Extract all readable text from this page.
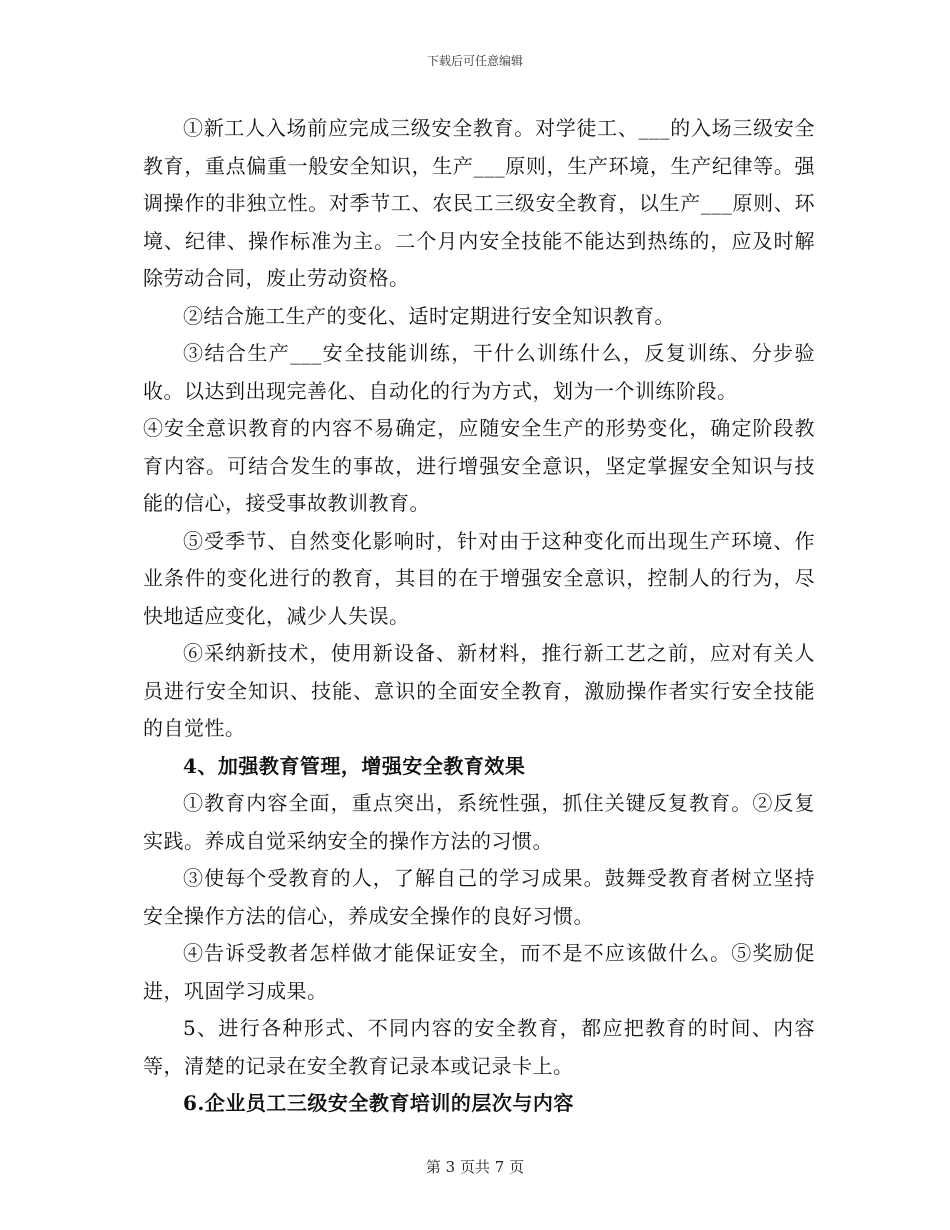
下载后可任意编辑

①新工人入场前应完成三级安全教育。对学徒工、___的入场三级安全教育，重点偏重一般安全知识，生产___原则，生产环境，生产纪律等。强调操作的非独立性。对季节工、农民工三级安全教育，以生产___原则、环境、纪律、操作标准为主。二个月内安全技能不能达到热练的，应及时解除劳动合同，废止劳动资格。

②结合施工生产的变化、适时定期进行安全知识教育。

③结合生产___安全技能训练，干什么训练什么，反复训练、分步验收。以达到出现完善化、自动化的行为方式，划为一个训练阶段。

④安全意识教育的内容不易确定，应随安全生产的形势变化，确定阶段教育内容。可结合发生的事故，进行增强安全意识，坚定掌握安全知识与技能的信心，接受事故教训教育。

⑤受季节、自然变化影响时，针对由于这种变化而出现生产环境、作业条件的变化进行的教育，其目的在于增强安全意识，控制人的行为，尽快地适应变化，减少人失误。

⑥采纳新技术，使用新设备、新材料，推行新工艺之前，应对有关人员进行安全知识、技能、意识的全面安全教育，激励操作者实行安全技能的自觉性。

4、加强教育管理，增强安全教育效果

①教育内容全面，重点突出，系统性强，抓住关键反复教育。②反复实践。养成自觉采纳安全的操作方法的习惯。

③使每个受教育的人，了解自己的学习成果。鼓舞受教育者树立坚持安全操作方法的信心，养成安全操作的良好习惯。

④告诉受教者怎样做才能保证安全，而不是不应该做什么。⑤奖励促进，巩固学习成果。

5、进行各种形式、不同内容的安全教育，都应把教育的时间、内容等，清楚的记录在安全教育记录本或记录卡上。

6.企业员工三级安全教育培训的层次与内容

第 3 页共 7 页
